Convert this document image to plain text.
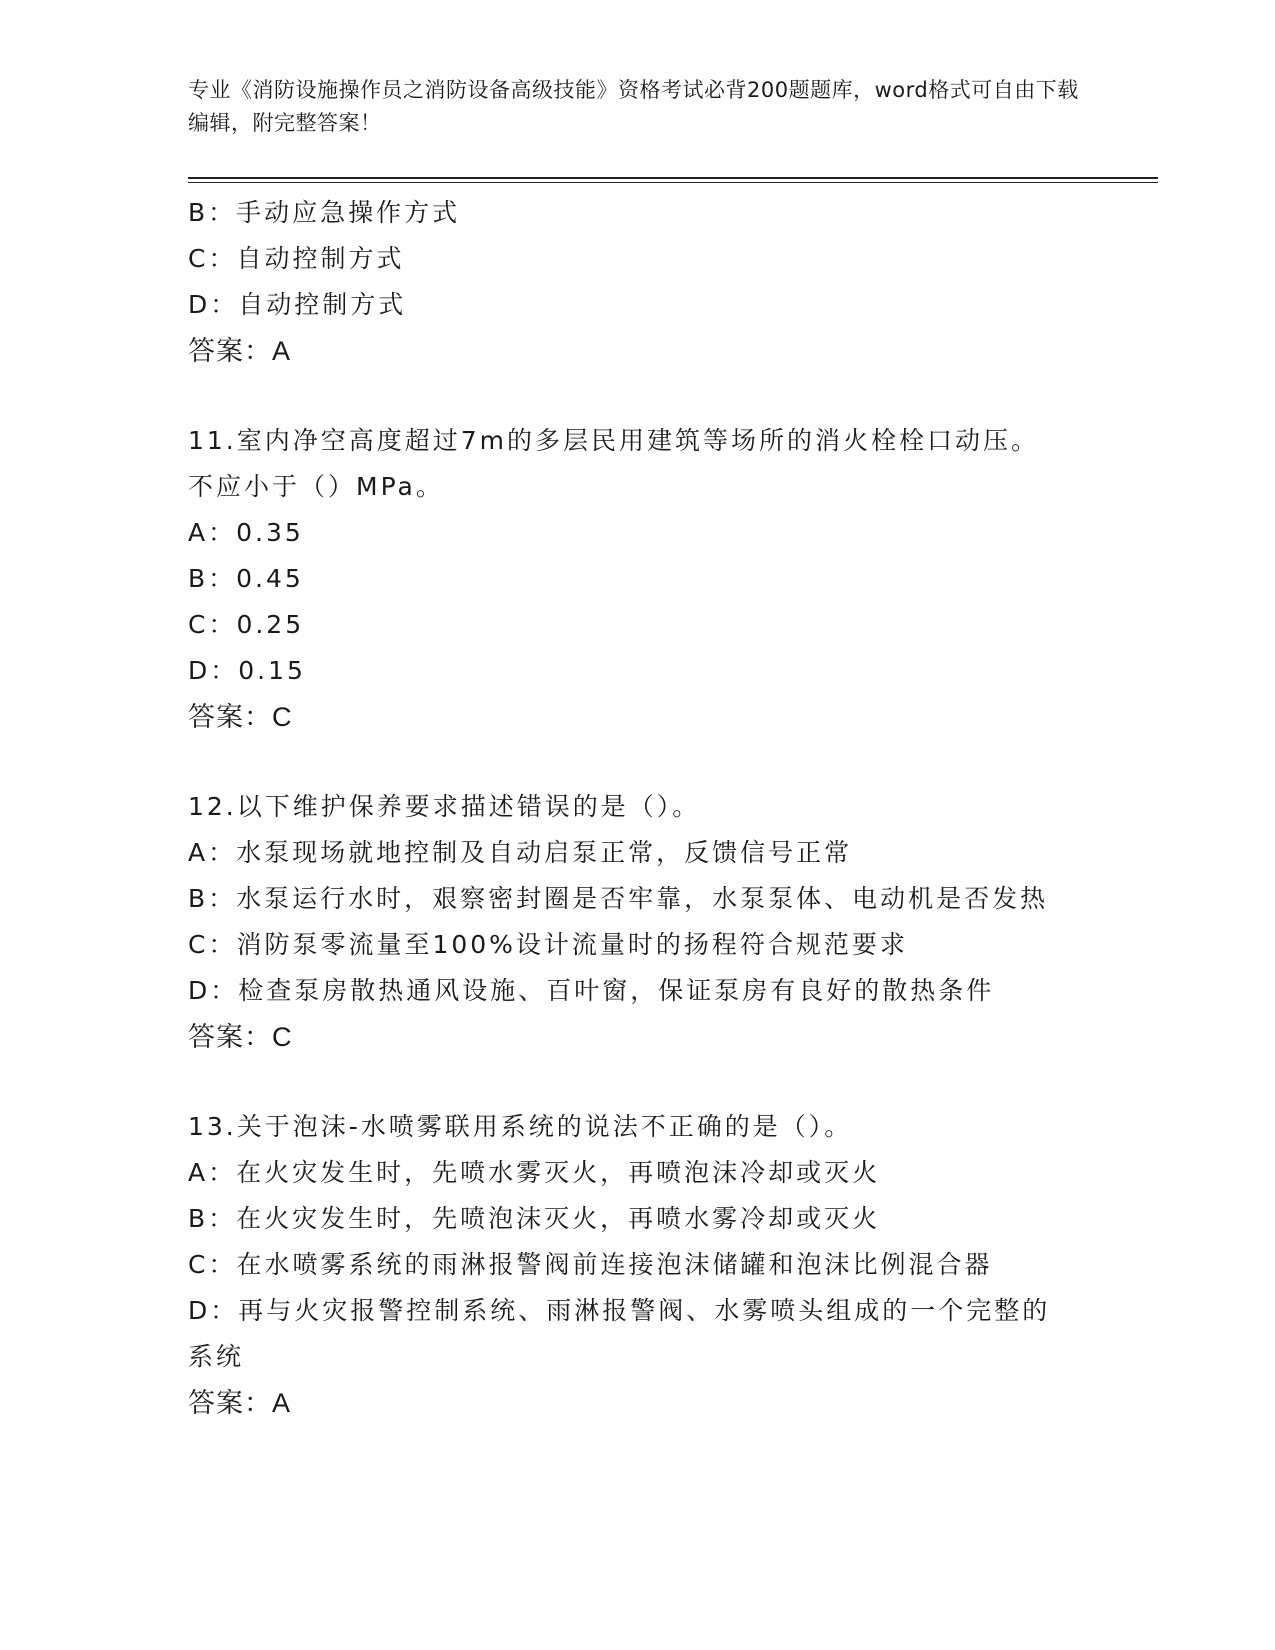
专业《消防设施操作员之消防设备高级技能》资格考试必背200题题库，word格式可自由下载编辑，附完整答案！
B：手动应急操作方式
C：自动控制方式
D：自动控制方式
答案：A
11.室内净空高度超过7m的多层民用建筑等场所的消火栓栓口动压。
不应小于（）MPa。
A：0.35
B：0.45
C：0.25
D：0.15
答案：C
12.以下维护保养要求描述错误的是（）。
A：水泵现场就地控制及自动启泵正常，反馈信号正常
B：水泵运行水时，艰察密封圈是否牢靠，水泵泵体、电动机是否发热
C：消防泵零流量至100%设计流量时的扬程符合规范要求
D：检查泵房散热通风设施、百叶窗，保证泵房有良好的散热条件
答案：C
13.关于泡沫-水喷雾联用系统的说法不正确的是（）。
A：在火灾发生时，先喷水雾灭火，再喷泡沫冷却或灭火
B：在火灾发生时，先喷泡沫灭火，再喷水雾冷却或灭火
C：在水喷雾系统的雨淋报警阀前连接泡沫储罐和泡沫比例混合器
D：再与火灾报警控制系统、雨淋报警阀、水雾喷头组成的一个完整的
系统
答案：A
